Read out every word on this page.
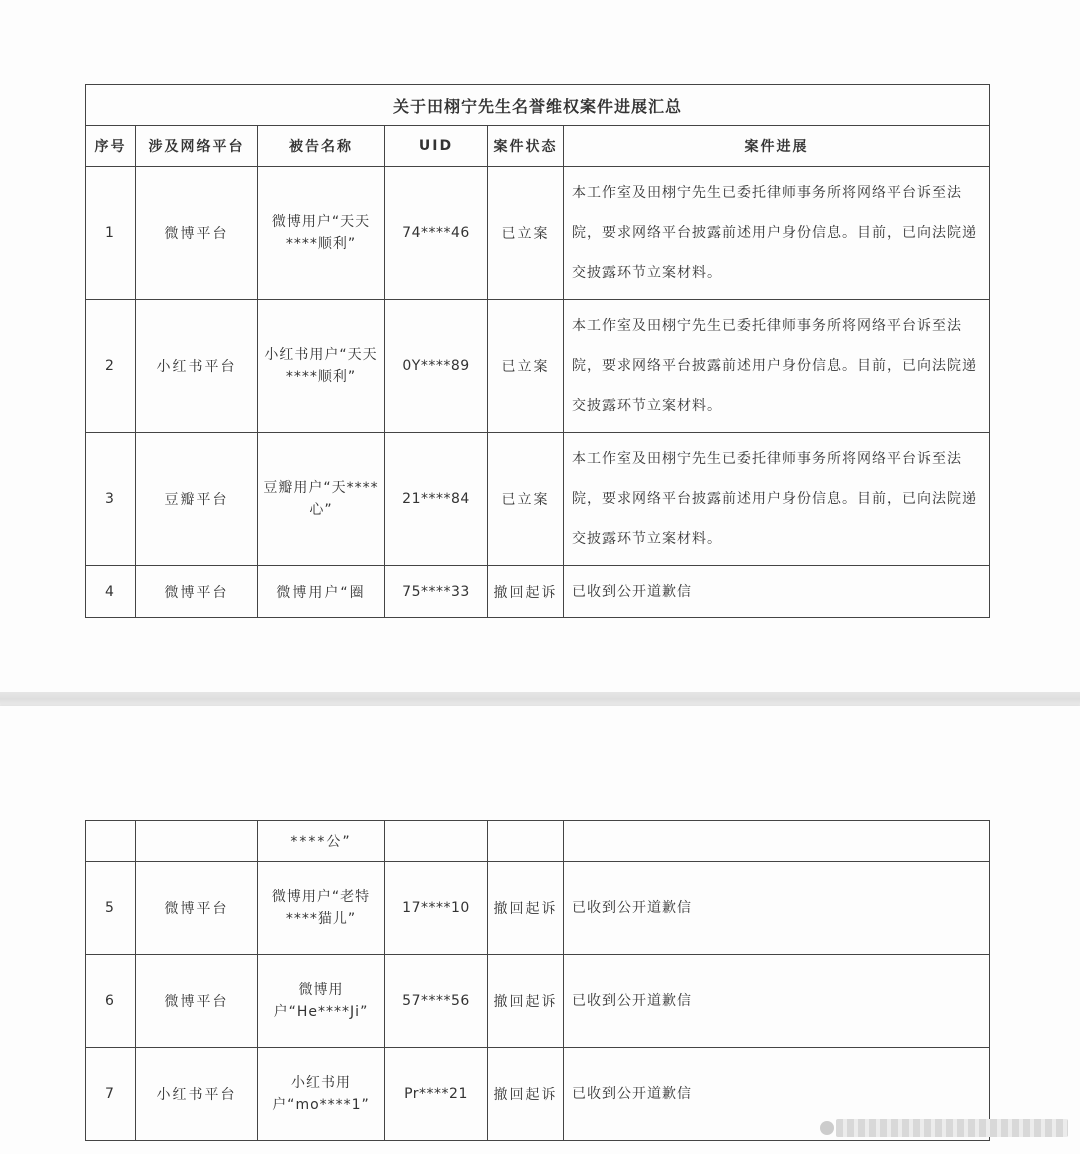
关于田栩宁先生名誉维权案件进展汇总					
序号	涉及网络平台	被告名称	UID	案件状态	案件进展
1	微博平台	微博用户“天天****顺利”	74****46	已立案	本工作室及田栩宁先生已委托律师事务所将网络平台诉至法院，要求网络平台披露前述用户身份信息。目前，已向法院递交披露环节立案材料。
2	小红书平台	小红书用户“天天****顺利”	0Y****89	已立案	本工作室及田栩宁先生已委托律师事务所将网络平台诉至法院，要求网络平台披露前述用户身份信息。目前，已向法院递交披露环节立案材料。
3	豆瓣平台	豆瓣用户“天****心”	21****84	已立案	本工作室及田栩宁先生已委托律师事务所将网络平台诉至法院，要求网络平台披露前述用户身份信息。目前，已向法院递交披露环节立案材料。
4	微博平台	微博用户“圈	75****33	撤回起诉	已收到公开道歉信
		****公”			
5	微博平台	微博用户“老特****猫儿”	17****10	撤回起诉	已收到公开道歉信
6	微博平台	微博用户“He****Ji”	57****56	撤回起诉	已收到公开道歉信
7	小红书平台	小红书用户“mo****1”	Pr****21	撤回起诉	已收到公开道歉信
